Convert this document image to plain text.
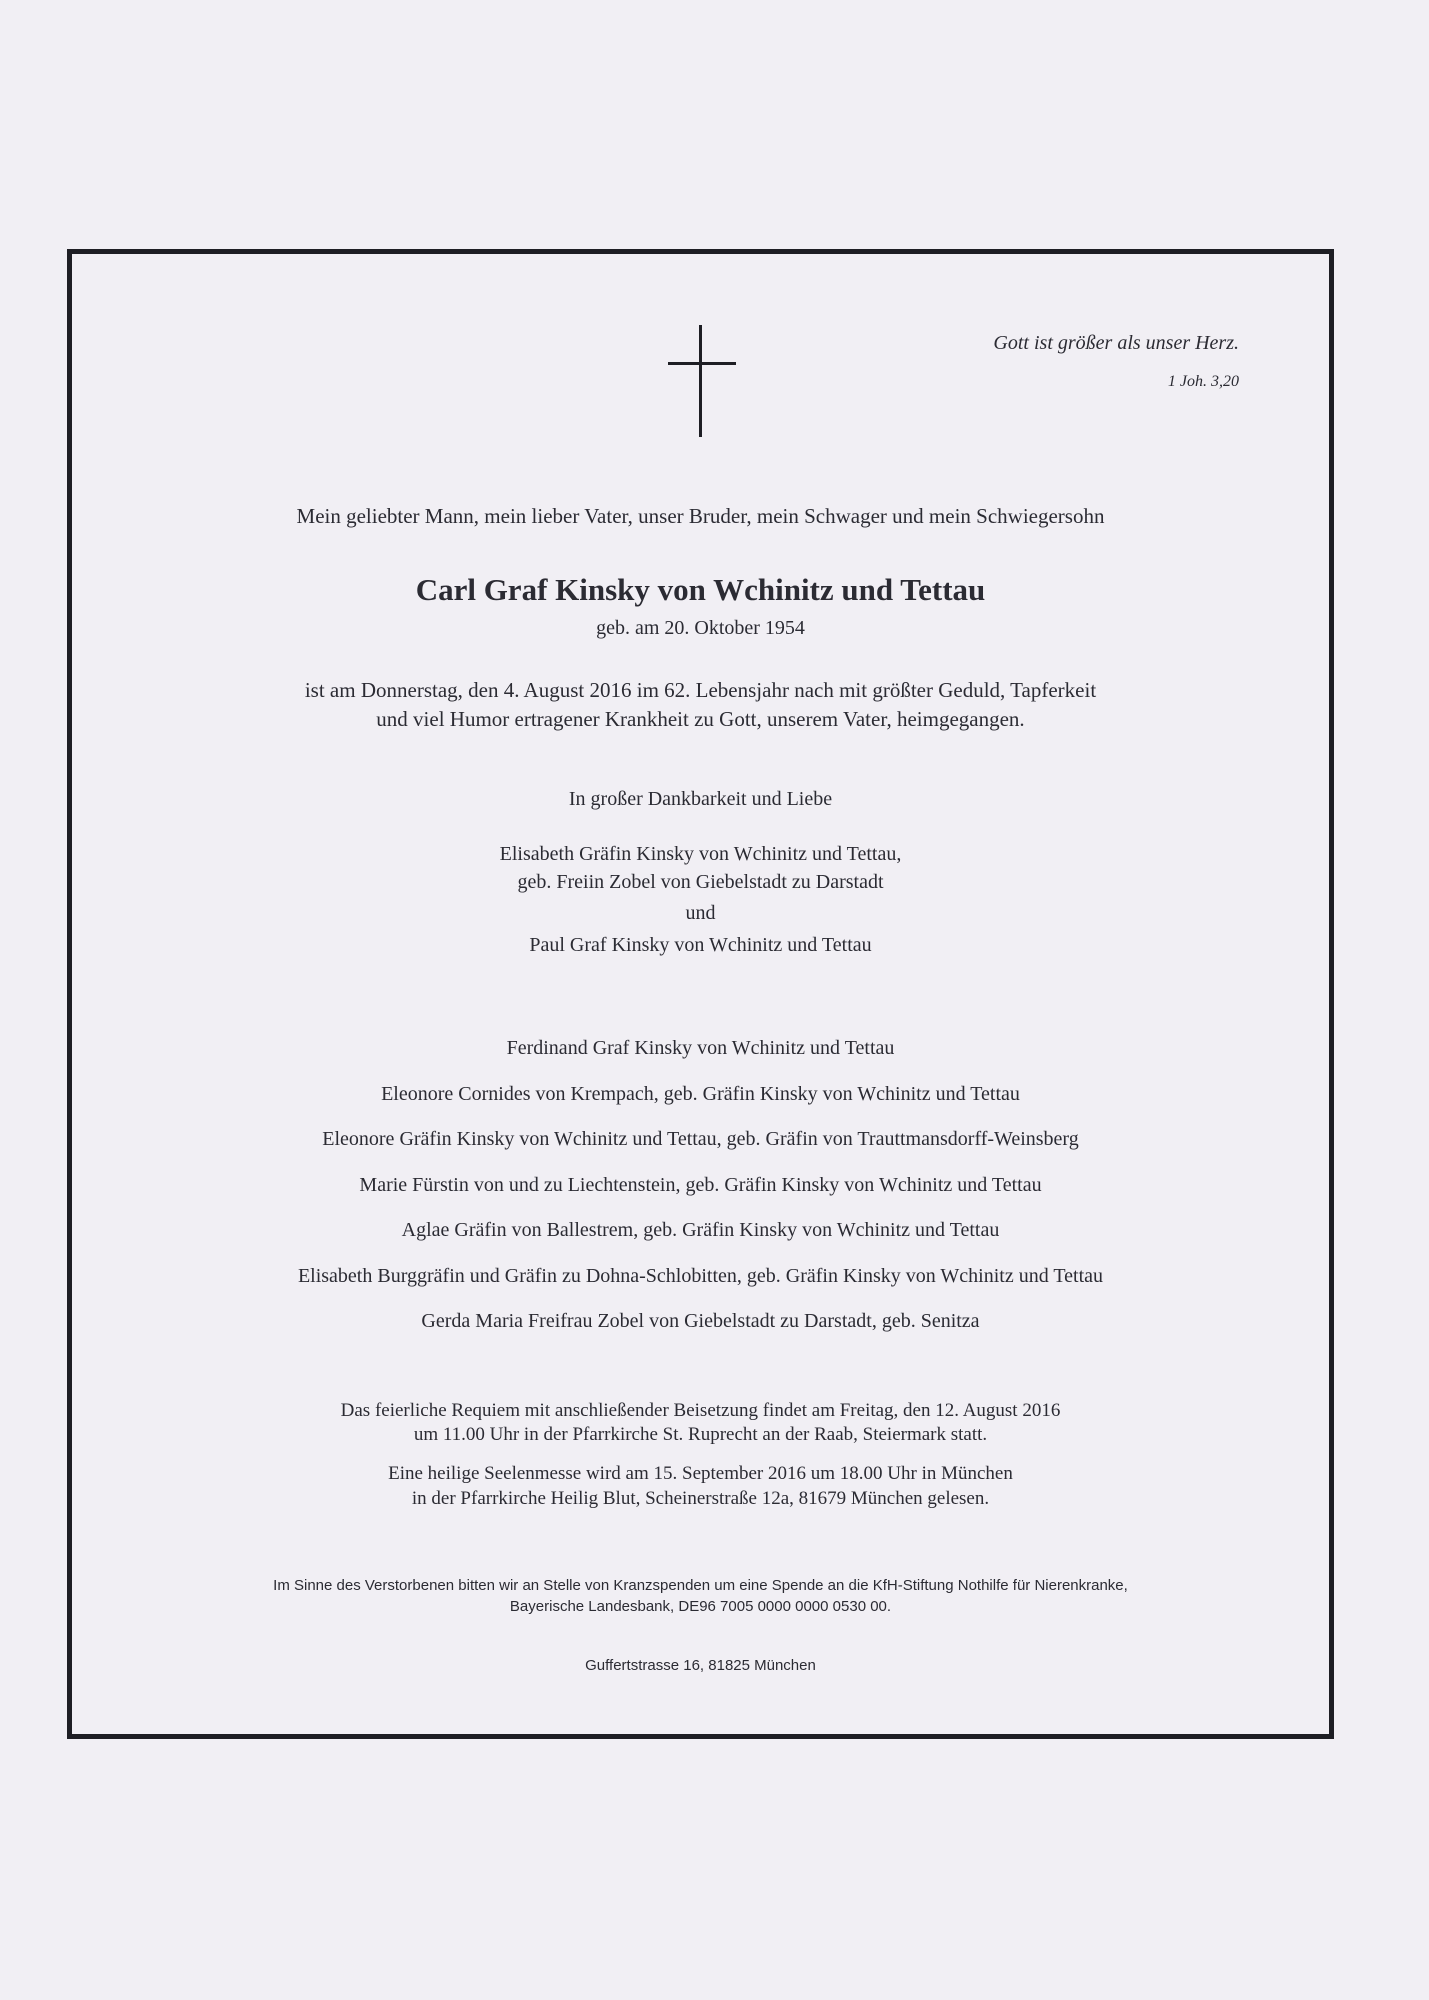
Gott ist größer als unser Herz.
1 Joh. 3,20
Mein geliebter Mann, mein lieber Vater, unser Bruder, mein Schwager und mein Schwiegersohn
Carl Graf Kinsky von Wchinitz und Tettau
geb. am 20. Oktober 1954
ist am Donnerstag, den 4. August 2016 im 62. Lebensjahr nach mit größter Geduld, Tapferkeit
und viel Humor ertragener Krankheit zu Gott, unserem Vater, heimgegangen.
In großer Dankbarkeit und Liebe
Elisabeth Gräfin Kinsky von Wchinitz und Tettau,
geb. Freiin Zobel von Giebelstadt zu Darstadt
und
Paul Graf Kinsky von Wchinitz und Tettau
Ferdinand Graf Kinsky von Wchinitz und Tettau
Eleonore Cornides von Krempach, geb. Gräfin Kinsky von Wchinitz und Tettau
Eleonore Gräfin Kinsky von Wchinitz und Tettau, geb. Gräfin von Trauttmansdorff-Weinsberg
Marie Fürstin von und zu Liechtenstein, geb. Gräfin Kinsky von Wchinitz und Tettau
Aglae Gräfin von Ballestrem, geb. Gräfin Kinsky von Wchinitz und Tettau
Elisabeth Burggräfin und Gräfin zu Dohna-Schlobitten, geb. Gräfin Kinsky von Wchinitz und Tettau
Gerda Maria Freifrau Zobel von Giebelstadt zu Darstadt, geb. Senitza
Das feierliche Requiem mit anschließender Beisetzung findet am Freitag, den 12. August 2016
um 11.00 Uhr in der Pfarrkirche St. Ruprecht an der Raab, Steiermark statt.
Eine heilige Seelenmesse wird am 15. September 2016 um 18.00 Uhr in München
in der Pfarrkirche Heilig Blut, Scheinerstraße 12a, 81679 München gelesen.
Im Sinne des Verstorbenen bitten wir an Stelle von Kranzspenden um eine Spende an die KfH-Stiftung Nothilfe für Nierenkranke,
Bayerische Landesbank, DE96 7005 0000 0000 0530 00.
Guffertstrasse 16, 81825 München
